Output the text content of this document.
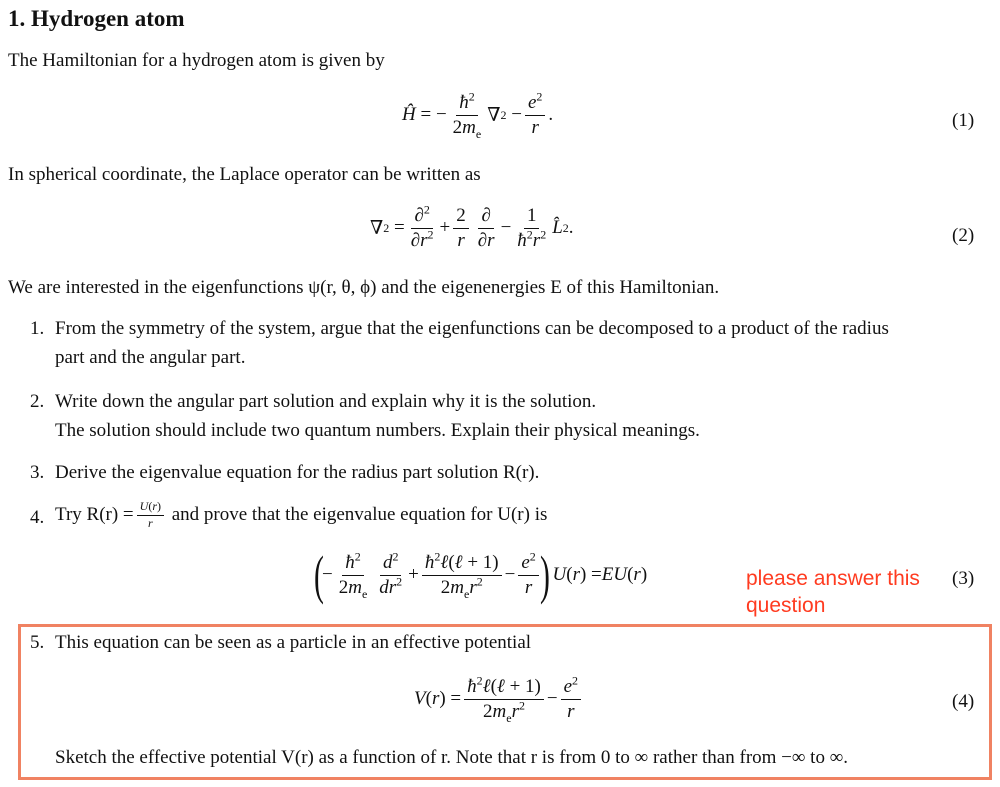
1. Hydrogen atom
The Hamiltonian for a hydrogen atom is given by
Ĥ = − $\frac{ħ^2}{2m_e}$ ∇ $2 - \frac{e^2}{r}$ .	(1)
In spherical coordinate, the Laplace operator can be written as
∇ $2 = \frac{\partial^2}{\partial r^2} + \frac{2}{r} \frac{\partial}{\partial r} - \frac{1}{ħ^2r^2}$ L̂ 2 .	(2)
We are interested in the eigenfunctions ψ(r, θ, ϕ) and the eigenenergies E of this Hamiltonian.
1. From the symmetry of the system, argue that the eigenfunctions can be decomposed to a product of the radius
part and the angular part.
2. Write down the angular part solution and explain why it is the solution.
The solution should include two quantum numbers. Explain their physical meanings.
3. Derive the eigenvalue equation for the radius part solution R(r).
4. Try $R(r) = \frac{U(r)}{r}$
and prove that the eigenvalue equation for U(r) is
(
− $\frac{ħ^2}{2m_e} \frac{d^2}{dr^2} + \frac{ħ^2\ell(\ell + 1)}{2m_er^2} - \frac{e^2}{r}$ )
U ( r ) = EU ( r )	(3)
please answer this
question
5. This equation can be seen as a particle in an effective potential
V ( r ) = $\frac{ħ^2\ell(\ell + 1)}{2m_er^2} - \frac{e^2}{r}$	(4)
Sketch the effective potential V(r) as a function of r. Note that r is from 0 to ∞ rather than from −∞ to ∞.
